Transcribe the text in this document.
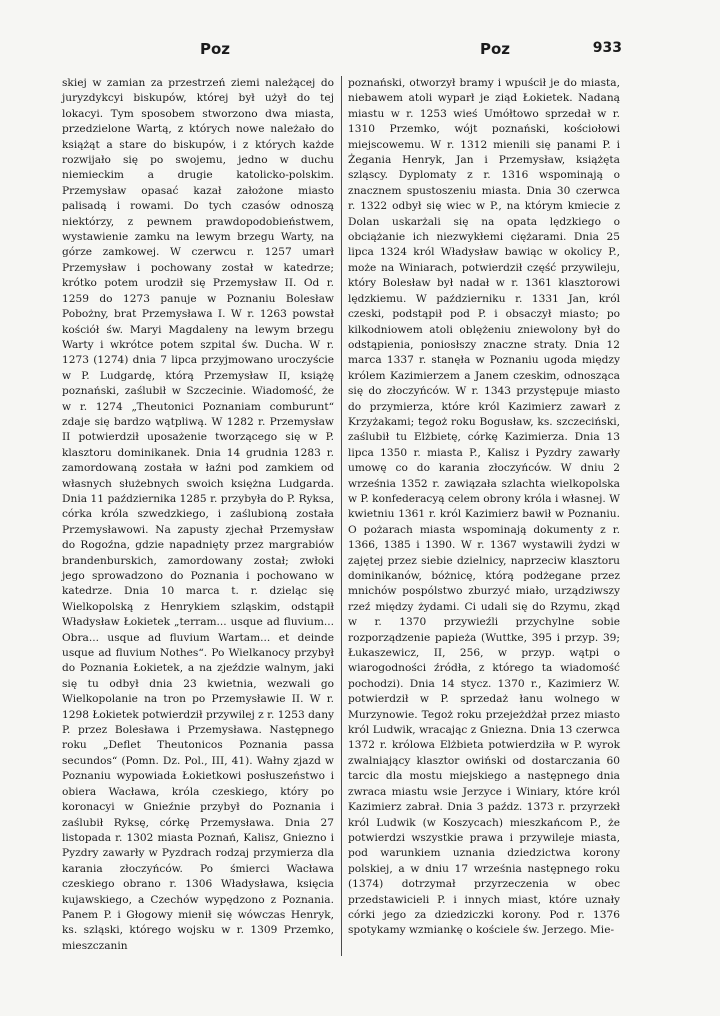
Poz	Poz	933

skiej w zamian za przestrzeń ziemi należącej do juryzdykcyi biskupów, której był użył do tej lokacyi. Tym sposobem stworzono dwa miasta, przedzielone Wartą, z których nowe należało do książąt a stare do biskupów, i z których każde rozwijało się po swojemu, jedno w duchu niemieckim a drugie katolicko-polskim. Przemysław opasać kazał założone miasto palisadą i rowami. Do tych czasów odnoszą niektórzy, z pewnem prawdopodobieństwem, wystawienie zamku na lewym brzegu Warty, na górze zamkowej. W czerwcu r. 1257 umarł Przemysław i pochowany został w katedrze; krótko potem urodził się Przemysław II. Od r. 1259 do 1273 panuje w Poznaniu Bolesław Pobożny, brat Przemysława I. W r. 1263 powstał kościół św. Maryi Magdaleny na lewym brzegu Warty i wkrótce potem szpital św. Ducha. W r. 1273 (1274) dnia 7 lipca przyjmowano uroczyście w P. Ludgardę, którą Przemysław II, książę poznański, zaślubił w Szczecinie. Wiadomość, że w r. 1274 „Theutonici Poznaniam comburunt“ zdaje się bardzo wątpliwą. W 1282 r. Przemysław II potwierdził uposażenie tworzącego się w P. klasztoru dominikanek. Dnia 14 grudnia 1283 r. zamordowaną została w łaźni pod zamkiem od własnych służebnych swoich księżna Ludgarda. Dnia 11 października 1285 r. przybyła do P. Ryksa, córka króla szwedzkiego, i zaślubioną została Przemysławowi. Na zapusty zjechał Przemysław do Rogoźna, gdzie napadnięty przez margrabiów brandenburskich, zamordowany został; zwłoki jego sprowadzono do Poznania i pochowano w katedrze. Dnia 10 marca t. r. dzieląc się Wielkopolską z Henrykiem szląskim, odstąpił Władysław Łokietek „terram... usque ad fluvium... Obra... usque ad fluvium Wartam... et deinde usque ad fluvium Nothes“. Po Wielkanocy przybył do Poznania Łokietek, a na zjeździe walnym, jaki się tu odbył dnia 23 kwietnia, wezwali go Wielkopolanie na tron po Przemysławie II. W r. 1298 Łokietek potwierdził przywilej z r. 1253 dany P. przez Bolesława i Przemysława. Następnego roku „Deflet Theutonicos Poznania passa secundos“ (Pomn. Dz. Pol., III, 41). Wałny zjazd w Poznaniu wypowiada Łokietkowi posłuszeństwo i obiera Wacława, króla czeskiego, który po koronacyi w Gnieźnie przybył do Poznania i zaślubił Ryksę, córkę Przemysława. Dnia 27 listopada r. 1302 miasta Poznań, Kalisz, Gniezno i Pyzdry zawarły w Pyzdrach rodzaj przymierza dla karania złoczyńców. Po śmierci Wacława czeskiego obrano r. 1306 Władysława, księcia kujawskiego, a Czechów wypędzono z Poznania. Panem P. i Głogowy mienił się wówczas Henryk, ks. szląski, którego wojsku w r. 1309 Przemko, mieszczanin

poznański, otworzył bramy i wpuścił je do miasta, niebawem atoli wyparł je ziąd Łokietek. Nadaną miastu w r. 1253 wieś Umółtowo sprzedał w r. 1310 Przemko, wójt poznański, kościołowi miejscowemu. W r. 1312 mienili się panami P. i Żegania Henryk, Jan i Przemysław, książęta szląscy. Dyplomaty z r. 1316 wspominają o znacznem spustoszeniu miasta. Dnia 30 czerwca r. 1322 odbył się wiec w P., na którym kmiecie z Dolan uskarżali się na opata lędzkiego o obciążanie ich niezwykłemi ciężarami. Dnia 25 lipca 1324 król Władysław bawiąc w okolicy P., może na Winiarach, potwierdził część przywileju, który Bolesław był nadał w r. 1361 klasztorowi lędzkiemu. W październiku r. 1331 Jan, król czeski, podstąpił pod P. i obsaczył miasto; po kilkodniowem atoli oblężeniu zniewolony był do odstąpienia, poniosłszy znaczne straty. Dnia 12 marca 1337 r. stanęła w Poznaniu ugoda między królem Kazimierzem a Janem czeskim, odnosząca się do złoczyńców. W r. 1343 przystępuje miasto do przymierza, które król Kazimierz zawarł z Krzyżakami; tegoż roku Bogusław, ks. szczeciński, zaślubił tu Elżbietę, córkę Kazimierza. Dnia 13 lipca 1350 r. miasta P., Kalisz i Pyzdry zawarły umowę co do karania złoczyńców. W dniu 2 września 1352 r. zawiązała szlachta wielkopolska w P. konfederacyą celem obrony króla i własnej. W kwietniu 1361 r. król Kazimierz bawił w Poznaniu. O pożarach miasta wspominają dokumenty z r. 1366, 1385 i 1390. W r. 1367 wystawili żydzi w zajętej przez siebie dzielnicy, naprzeciw klasztoru dominikanów, bóżnicę, którą podżegane przez mnichów pospólstwo zburzyć miało, urządziwszy rzeź między żydami. Ci udali się do Rzymu, zkąd w r. 1370 przywieźli przychylne sobie rozporządzenie papieża (Wuttke, 395 i przyp. 39; Łukaszewicz, II, 256, w przyp. wątpi o wiarogodności źródła, z którego ta wiadomość pochodzi). Dnia 14 stycz. 1370 r., Kazimierz W. potwierdził w P. sprzedaż łanu wolnego w Murzynowie. Tegoż roku przejeżdżał przez miasto król Ludwik, wracając z Gniezna. Dnia 13 czerwca 1372 r. królowa Elżbieta potwierdziła w P. wyrok zwalniający klasztor owiński od dostarczania 60 tarcic dla mostu miejskiego a następnego dnia zwraca miastu wsie Jerzyce i Winiary, które król Kazimierz zabrał. Dnia 3 paźdz. 1373 r. przyrzekł król Ludwik (w Koszycach) mieszkańcom P., że potwierdzi wszystkie prawa i przywileje miasta, pod warunkiem uznania dziedzictwa korony polskiej, a w dniu 17 września następnego roku (1374) dotrzymał przyrzeczenia w obec przedstawicieli P. i innych miast, które uznały córki jego za dziedziczki korony. Pod r. 1376 spotykamy wzmiankę o kościele św. Jerzego. Mie-
